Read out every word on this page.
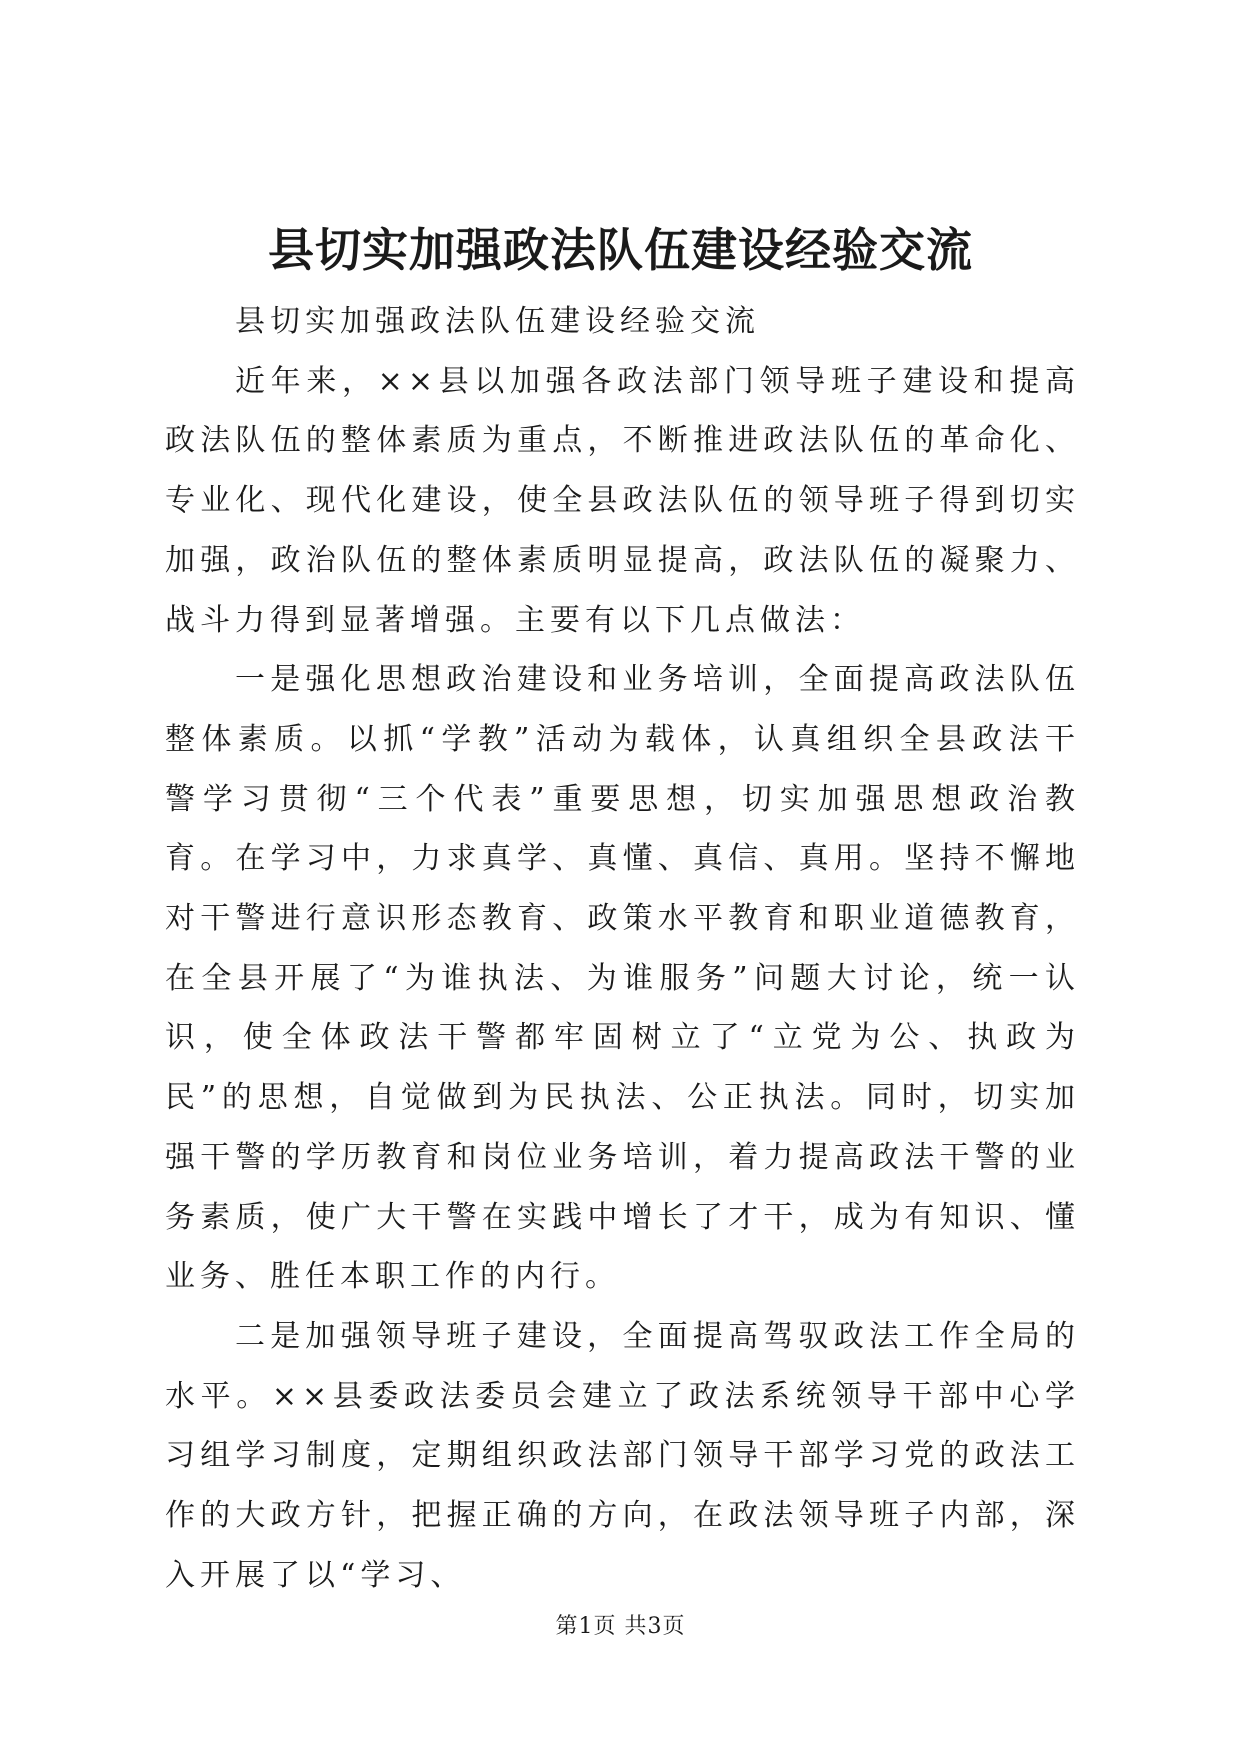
县切实加强政法队伍建设经验交流

县切实加强政法队伍建设经验交流

近年来，××县以加强各政法部门领导班子建设和提高政法队伍的整体素质为重点，不断推进政法队伍的革命化、专业化、现代化建设，使全县政法队伍的领导班子得到切实加强，政治队伍的整体素质明显提高，政法队伍的凝聚力、战斗力得到显著增强。主要有以下几点做法：

一是强化思想政治建设和业务培训，全面提高政法队伍整体素质。以抓“学教”活动为载体，认真组织全县政法干警学习贯彻“三个代表”重要思想，切实加强思想政治教育。在学习中，力求真学、真懂、真信、真用。坚持不懈地对干警进行意识形态教育、政策水平教育和职业道德教育，在全县开展了“为谁执法、为谁服务”问题大讨论，统一认识，使全体政法干警都牢固树立了“立党为公、执政为民”的思想，自觉做到为民执法、公正执法。同时，切实加强干警的学历教育和岗位业务培训，着力提高政法干警的业务素质，使广大干警在实践中增长了才干，成为有知识、懂业务、胜任本职工作的内行。

二是加强领导班子建设，全面提高驾驭政法工作全局的水平。××县委政法委员会建立了政法系统领导干部中心学习组学习制度，定期组织政法部门领导干部学习党的政法工作的大政方针，把握正确的方向，在政法领导班子内部，深入开展了以“学习、

第1页 共3页
